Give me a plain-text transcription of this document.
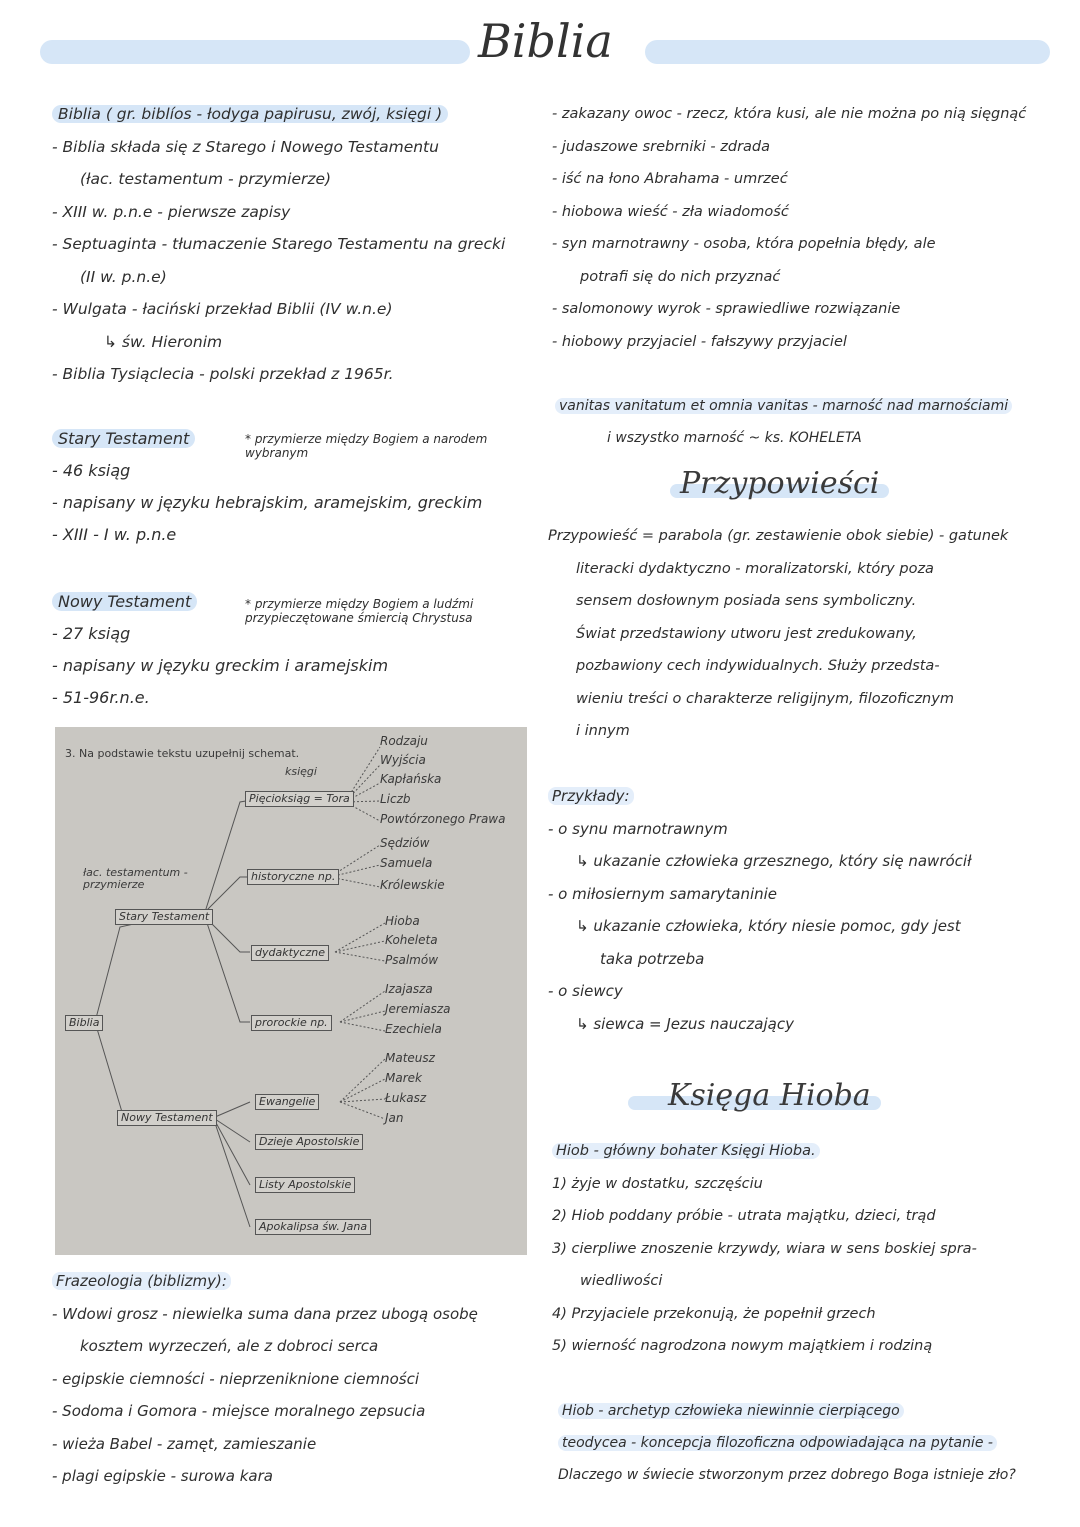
Biblia
Biblia ( gr. biblíos - łodyga papirusu, zwój, księgi )
- Biblia składa się z Starego i Nowego Testamentu
(łac. testamentum - przymierze)
- XIII w. p.n.e - pierwsze zapisy
- Septuaginta - tłumaczenie Starego Testamentu na grecki
(II w. p.n.e)
- Wulgata - łaciński przekład Biblii (IV w.n.e)
↳ św. Hieronim
- Biblia Tysiąclecia - polski przekład z 1965r.
Stary Testament
- 46 ksiąg
- napisany w języku hebrajskim, aramejskim, greckim
- XIII - I w. p.n.e
* przymierze między Bogiem a narodem wybranym
Nowy Testament
- 27 ksiąg
- napisany w języku greckim i aramejskim
- 51-96r.n.e.
* przymierze między Bogiem a ludźmi przypieczętowane śmiercią Chrystusa
3. Na podstawie tekstu uzupełnij schemat.
księgi
Biblia
łac. testamentum - przymierze
Stary Testament
Nowy Testament
Pięcioksiąg = Tora
historyczne np.
dydaktyczne
prorockie np.
Ewangelie
Dzieje Apostolskie
Listy Apostolskie
Apokalipsa św. Jana
Rodzaju
Wyjścia
Kapłańska
Liczb
Powtórzonego Prawa
Sędziów
Samuela
Królewskie
Hioba
Koheleta
Psalmów
Izajasza
Jeremiasza
Ezechiela
Mateusz
Marek
Łukasz
Jan
Frazeologia (biblizmy):
- Wdowi grosz - niewielka suma dana przez ubogą osobę
kosztem wyrzeczeń, ale z dobroci serca
- egipskie ciemności - nieprzeniknione ciemności
- Sodoma i Gomora - miejsce moralnego zepsucia
- wieża Babel - zamęt, zamieszanie
- plagi egipskie - surowa kara
- zakazany owoc - rzecz, która kusi, ale nie można po nią sięgnąć
- judaszowe srebrniki - zdrada
- iść na łono Abrahama - umrzeć
- hiobowa wieść - zła wiadomość
- syn marnotrawny - osoba, która popełnia błędy, ale
potrafi się do nich przyznać
- salomonowy wyrok - sprawiedliwe rozwiązanie
- hiobowy przyjaciel - fałszywy przyjaciel
vanitas vanitatum et omnia vanitas - marność nad marnościami
i wszystko marność ~ ks. KOHELETA
Przypowieści
Przypowieść = parabola (gr. zestawienie obok siebie) - gatunek
literacki dydaktyczno - moralizatorski, który poza
sensem dosłownym posiada sens symboliczny.
Świat przedstawiony utworu jest zredukowany,
pozbawiony cech indywidualnych. Służy przedsta-
wieniu treści o charakterze religijnym, filozoficznym
i innym
Przykłady:
- o synu marnotrawnym
↳ ukazanie człowieka grzesznego, który się nawrócił
- o miłosiernym samarytaninie
↳ ukazanie człowieka, który niesie pomoc, gdy jest
taka potrzeba
- o siewcy
↳ siewca = Jezus nauczający
Księga Hioba
Hiob - główny bohater Księgi Hioba.
1) żyje w dostatku, szczęściu
2) Hiob poddany próbie - utrata majątku, dzieci, trąd
3) cierpliwe znoszenie krzywdy, wiara w sens boskiej spra-
wiedliwości
4) Przyjaciele przekonują, że popełnił grzech
5) wierność nagrodzona nowym majątkiem i rodziną
Hiob - archetyp człowieka niewinnie cierpiącego
teodycea - koncepcja filozoficzna odpowiadająca na pytanie -
Dlaczego w świecie stworzonym przez dobrego Boga istnieje zło?
